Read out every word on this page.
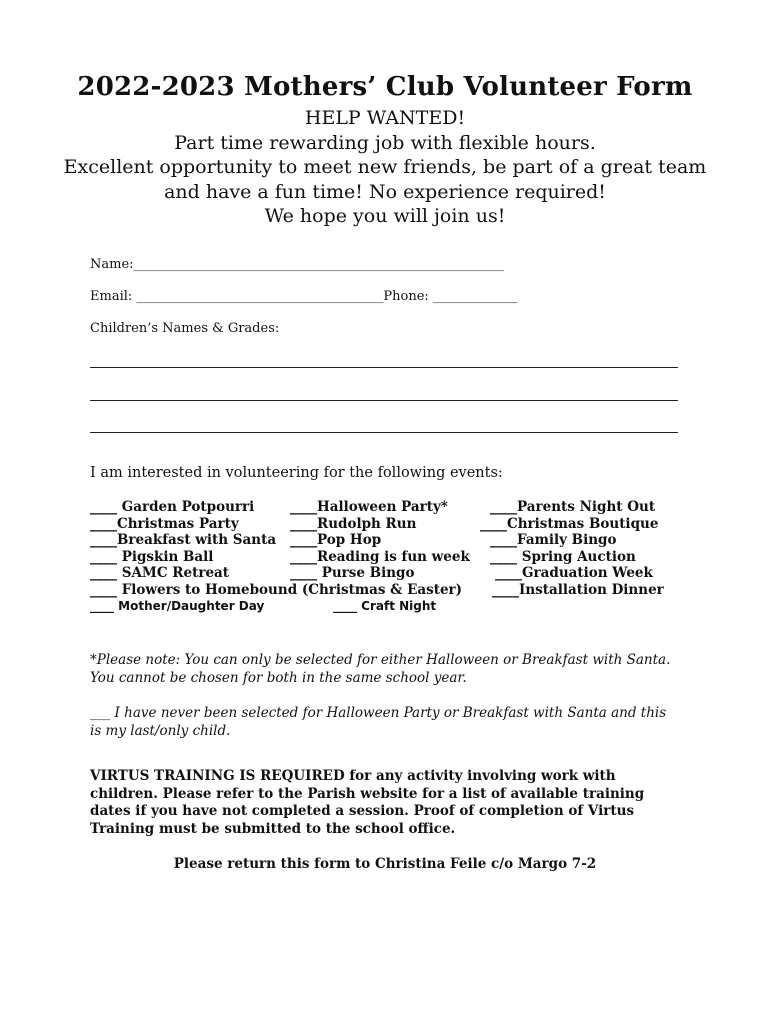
2022-2023 Mothers’ Club Volunteer Form
HELP WANTED!
Part time rewarding job with flexible hours.
Excellent opportunity to meet new friends, be part of a great team
and have a fun time! No experience required!
We hope you will join us!
Name:_________________________________________________________
Email: ______________________________________Phone: _____________
Children’s Names & Grades:
I am interested in volunteering for the following events:
____ Garden Potpourri
____Christmas Party
____Breakfast with Santa
____ Pigskin Ball
____ SAMC Retreat
____ Flowers to Homebound (Christmas & Easter)
____ Mother/Daughter Day
____Halloween Party*
____Rudolph Run
____Pop Hop
____Reading is fun week
____ Purse Bingo
____ Craft Night
____Parents Night Out
____Christmas Boutique
____Family Bingo
____ Spring Auction
____Graduation Week
____Installation Dinner
*Please note: You can only be selected for either Halloween or Breakfast with Santa. You cannot be chosen for both in the same school year.
___ I have never been selected for Halloween Party or Breakfast with Santa and this is my last/only child.
VIRTUS TRAINING IS REQUIRED for any activity involving work with children. Please refer to the Parish website for a list of available training dates if you have not completed a session. Proof of completion of Virtus Training must be submitted to the school office.
Please return this form to Christina Feile c/o Margo 7-2
